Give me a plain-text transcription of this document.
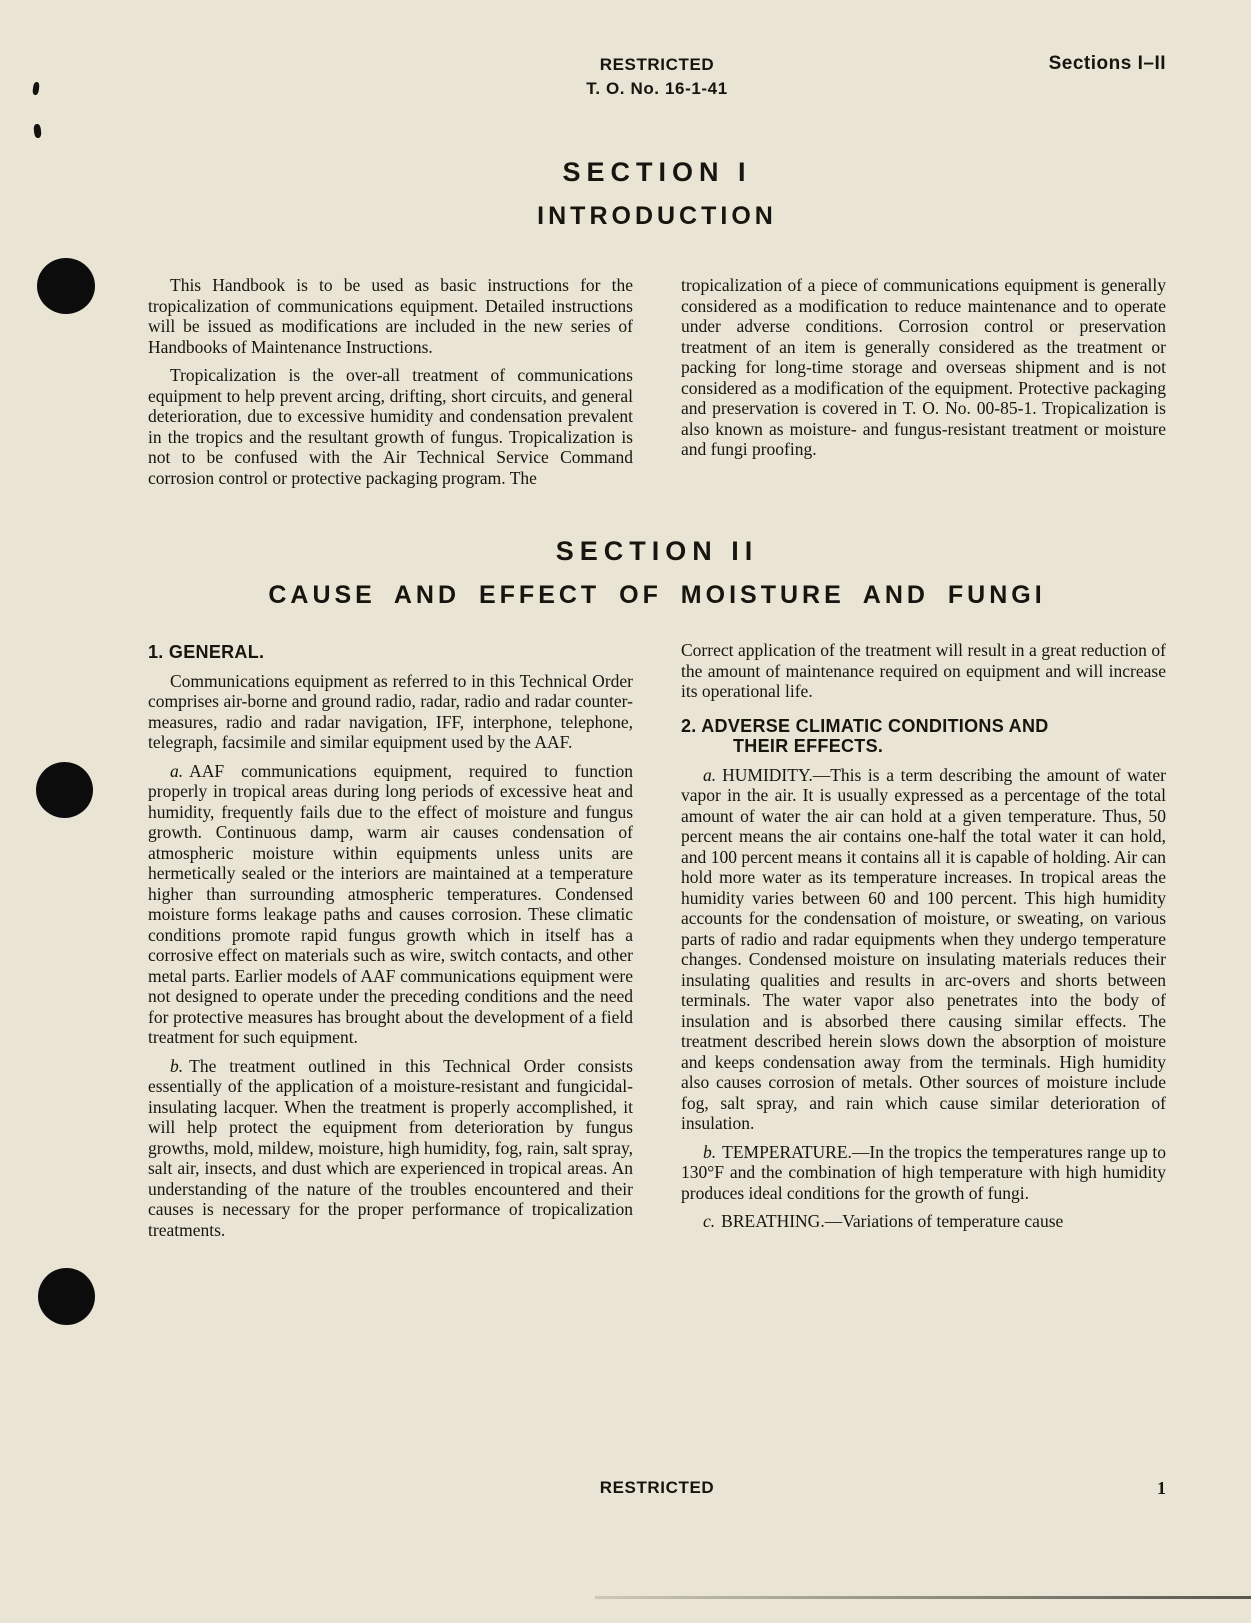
RESTRICTED
T. O. No. 16-1-41
Sections I–II
SECTION I
INTRODUCTION

This Handbook is to be used as basic instructions for the tropicalization of communications equipment. Detailed instructions will be issued as modifications are included in the new series of Handbooks of Maintenance Instructions.

Tropicalization is the over-all treatment of communications equipment to help prevent arcing, drifting, short circuits, and general deterioration, due to excessive humidity and condensation prevalent in the tropics and the resultant growth of fungus. Tropicalization is not to be confused with the Air Technical Service Command corrosion control or protective packaging program. The

tropicalization of a piece of communications equipment is generally considered as a modification to reduce maintenance and to operate under adverse conditions. Corrosion control or preservation treatment of an item is generally considered as the treatment or packing for long-time storage and overseas shipment and is not considered as a modification of the equipment. Protective packaging and preservation is covered in T. O. No. 00-85-1. Tropicalization is also known as moisture- and fungus-resistant treatment or moisture and fungi proofing.

SECTION II
CAUSE AND EFFECT OF MOISTURE AND FUNGI
1. GENERAL.

Communications equipment as referred to in this Technical Order comprises air-borne and ground radio, radar, radio and radar counter-measures, radio and radar navigation, IFF, interphone, telephone, telegraph, facsimile and similar equipment used by the AAF.

a. AAF communications equipment, required to function properly in tropical areas during long periods of excessive heat and humidity, frequently fails due to the effect of moisture and fungus growth. Continuous damp, warm air causes condensation of atmospheric moisture within equipments unless units are hermetically sealed or the interiors are maintained at a temperature higher than surrounding atmospheric temperatures. Condensed moisture forms leakage paths and causes corrosion. These climatic conditions promote rapid fungus growth which in itself has a corrosive effect on materials such as wire, switch contacts, and other metal parts. Earlier models of AAF communications equipment were not designed to operate under the preceding conditions and the need for protective measures has brought about the development of a field treatment for such equipment.

b. The treatment outlined in this Technical Order consists essentially of the application of a moisture-resistant and fungicidal-insulating lacquer. When the treatment is properly accomplished, it will help protect the equipment from deterioration by fungus growths, mold, mildew, moisture, high humidity, fog, rain, salt spray, salt air, insects, and dust which are experienced in tropical areas. An understanding of the nature of the troubles encountered and their causes is necessary for the proper performance of tropicalization treatments.

Correct application of the treatment will result in a great reduction of the amount of maintenance required on equipment and will increase its operational life.

2. ADVERSE CLIMATIC CONDITIONS AND
THEIR EFFECTS.

a. HUMIDITY.—This is a term describing the amount of water vapor in the air. It is usually expressed as a percentage of the total amount of water the air can hold at a given temperature. Thus, 50 percent means the air contains one-half the total water it can hold, and 100 percent means it contains all it is capable of holding. Air can hold more water as its temperature increases. In tropical areas the humidity varies between 60 and 100 percent. This high humidity accounts for the condensation of moisture, or sweating, on various parts of radio and radar equipments when they undergo temperature changes. Condensed moisture on insulating materials reduces their insulating qualities and results in arc-overs and shorts between terminals. The water vapor also penetrates into the body of insulation and is absorbed there causing similar effects. The treatment described herein slows down the absorption of moisture and keeps condensation away from the terminals. High humidity also causes corrosion of metals. Other sources of moisture include fog, salt spray, and rain which cause similar deterioration of insulation.

b. TEMPERATURE.—In the tropics the temperatures range up to 130°F and the combination of high temperature with high humidity produces ideal conditions for the growth of fungi.

c. BREATHING.—Variations of temperature cause

RESTRICTED	1
